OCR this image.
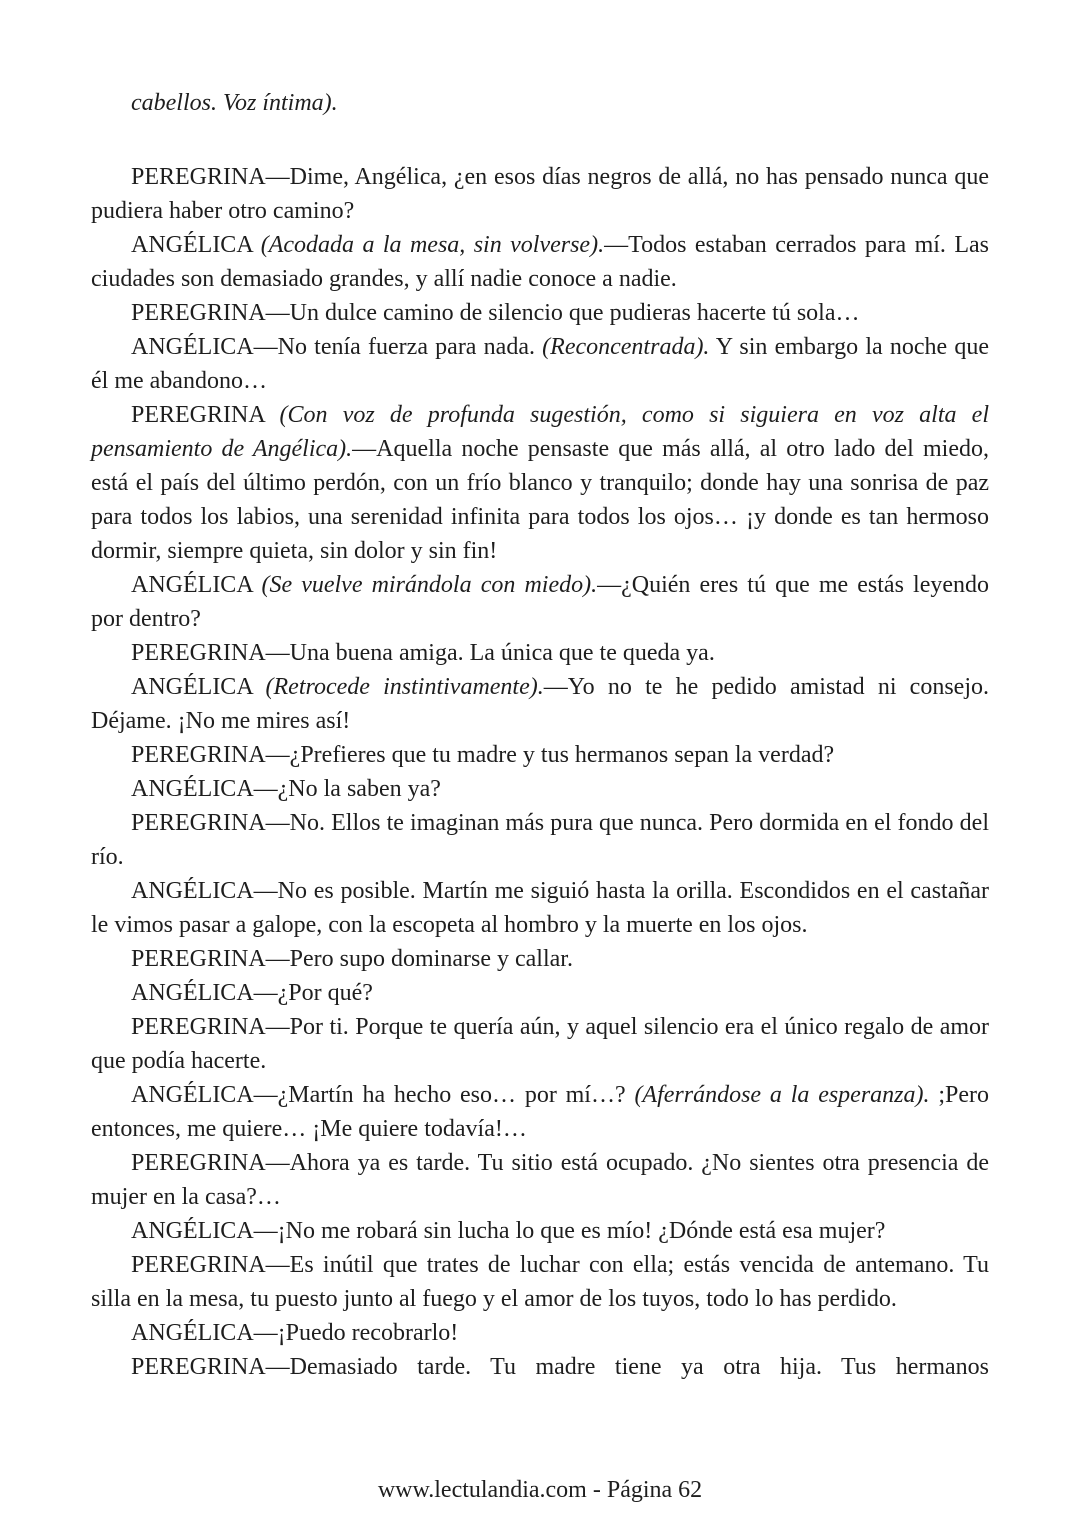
cabellos. Voz íntima).

PEREGRINA—Dime, Angélica, ¿en esos días negros de allá, no has pensado nunca que pudiera haber otro camino?

ANGÉLICA (Acodada a la mesa, sin volverse).—Todos estaban cerrados para mí. Las ciudades son demasiado grandes, y allí nadie conoce a nadie.

PEREGRINA—Un dulce camino de silencio que pudieras hacerte tú sola…

ANGÉLICA—No tenía fuerza para nada. (Reconcentrada). Y sin embargo la noche que él me abandono…

PEREGRINA (Con voz de profunda sugestión, como si siguiera en voz alta el pensamiento de Angélica).—Aquella noche pensaste que más allá, al otro lado del miedo, está el país del último perdón, con un frío blanco y tranquilo; donde hay una sonrisa de paz para todos los labios, una serenidad infinita para todos los ojos… ¡y donde es tan hermoso dormir, siempre quieta, sin dolor y sin fin!

ANGÉLICA (Se vuelve mirándola con miedo).—¿Quién eres tú que me estás leyendo por dentro?

PEREGRINA—Una buena amiga. La única que te queda ya.

ANGÉLICA (Retrocede instintivamente).—Yo no te he pedido amistad ni consejo. Déjame. ¡No me mires así!

PEREGRINA—¿Prefieres que tu madre y tus hermanos sepan la verdad?

ANGÉLICA—¿No la saben ya?

PEREGRINA—No. Ellos te imaginan más pura que nunca. Pero dormida en el fondo del río.

ANGÉLICA—No es posible. Martín me siguió hasta la orilla. Escondidos en el castañar le vimos pasar a galope, con la escopeta al hombro y la muerte en los ojos.

PEREGRINA—Pero supo dominarse y callar.

ANGÉLICA—¿Por qué?

PEREGRINA—Por ti. Porque te quería aún, y aquel silencio era el único regalo de amor que podía hacerte.

ANGÉLICA—¿Martín ha hecho eso… por mí…? (Aferrándose a la esperanza). ;Pero entonces, me quiere… ¡Me quiere todavía!…

PEREGRINA—Ahora ya es tarde. Tu sitio está ocupado. ¿No sientes otra presencia de mujer en la casa?…

ANGÉLICA—¡No me robará sin lucha lo que es mío! ¿Dónde está esa mujer?

PEREGRINA—Es inútil que trates de luchar con ella; estás vencida de antemano. Tu silla en la mesa, tu puesto junto al fuego y el amor de los tuyos, todo lo has perdido.

ANGÉLICA—¡Puedo recobrarlo!

PEREGRINA—Demasiado tarde. Tu madre tiene ya otra hija. Tus hermanos

www.lectulandia.com - Página 62
